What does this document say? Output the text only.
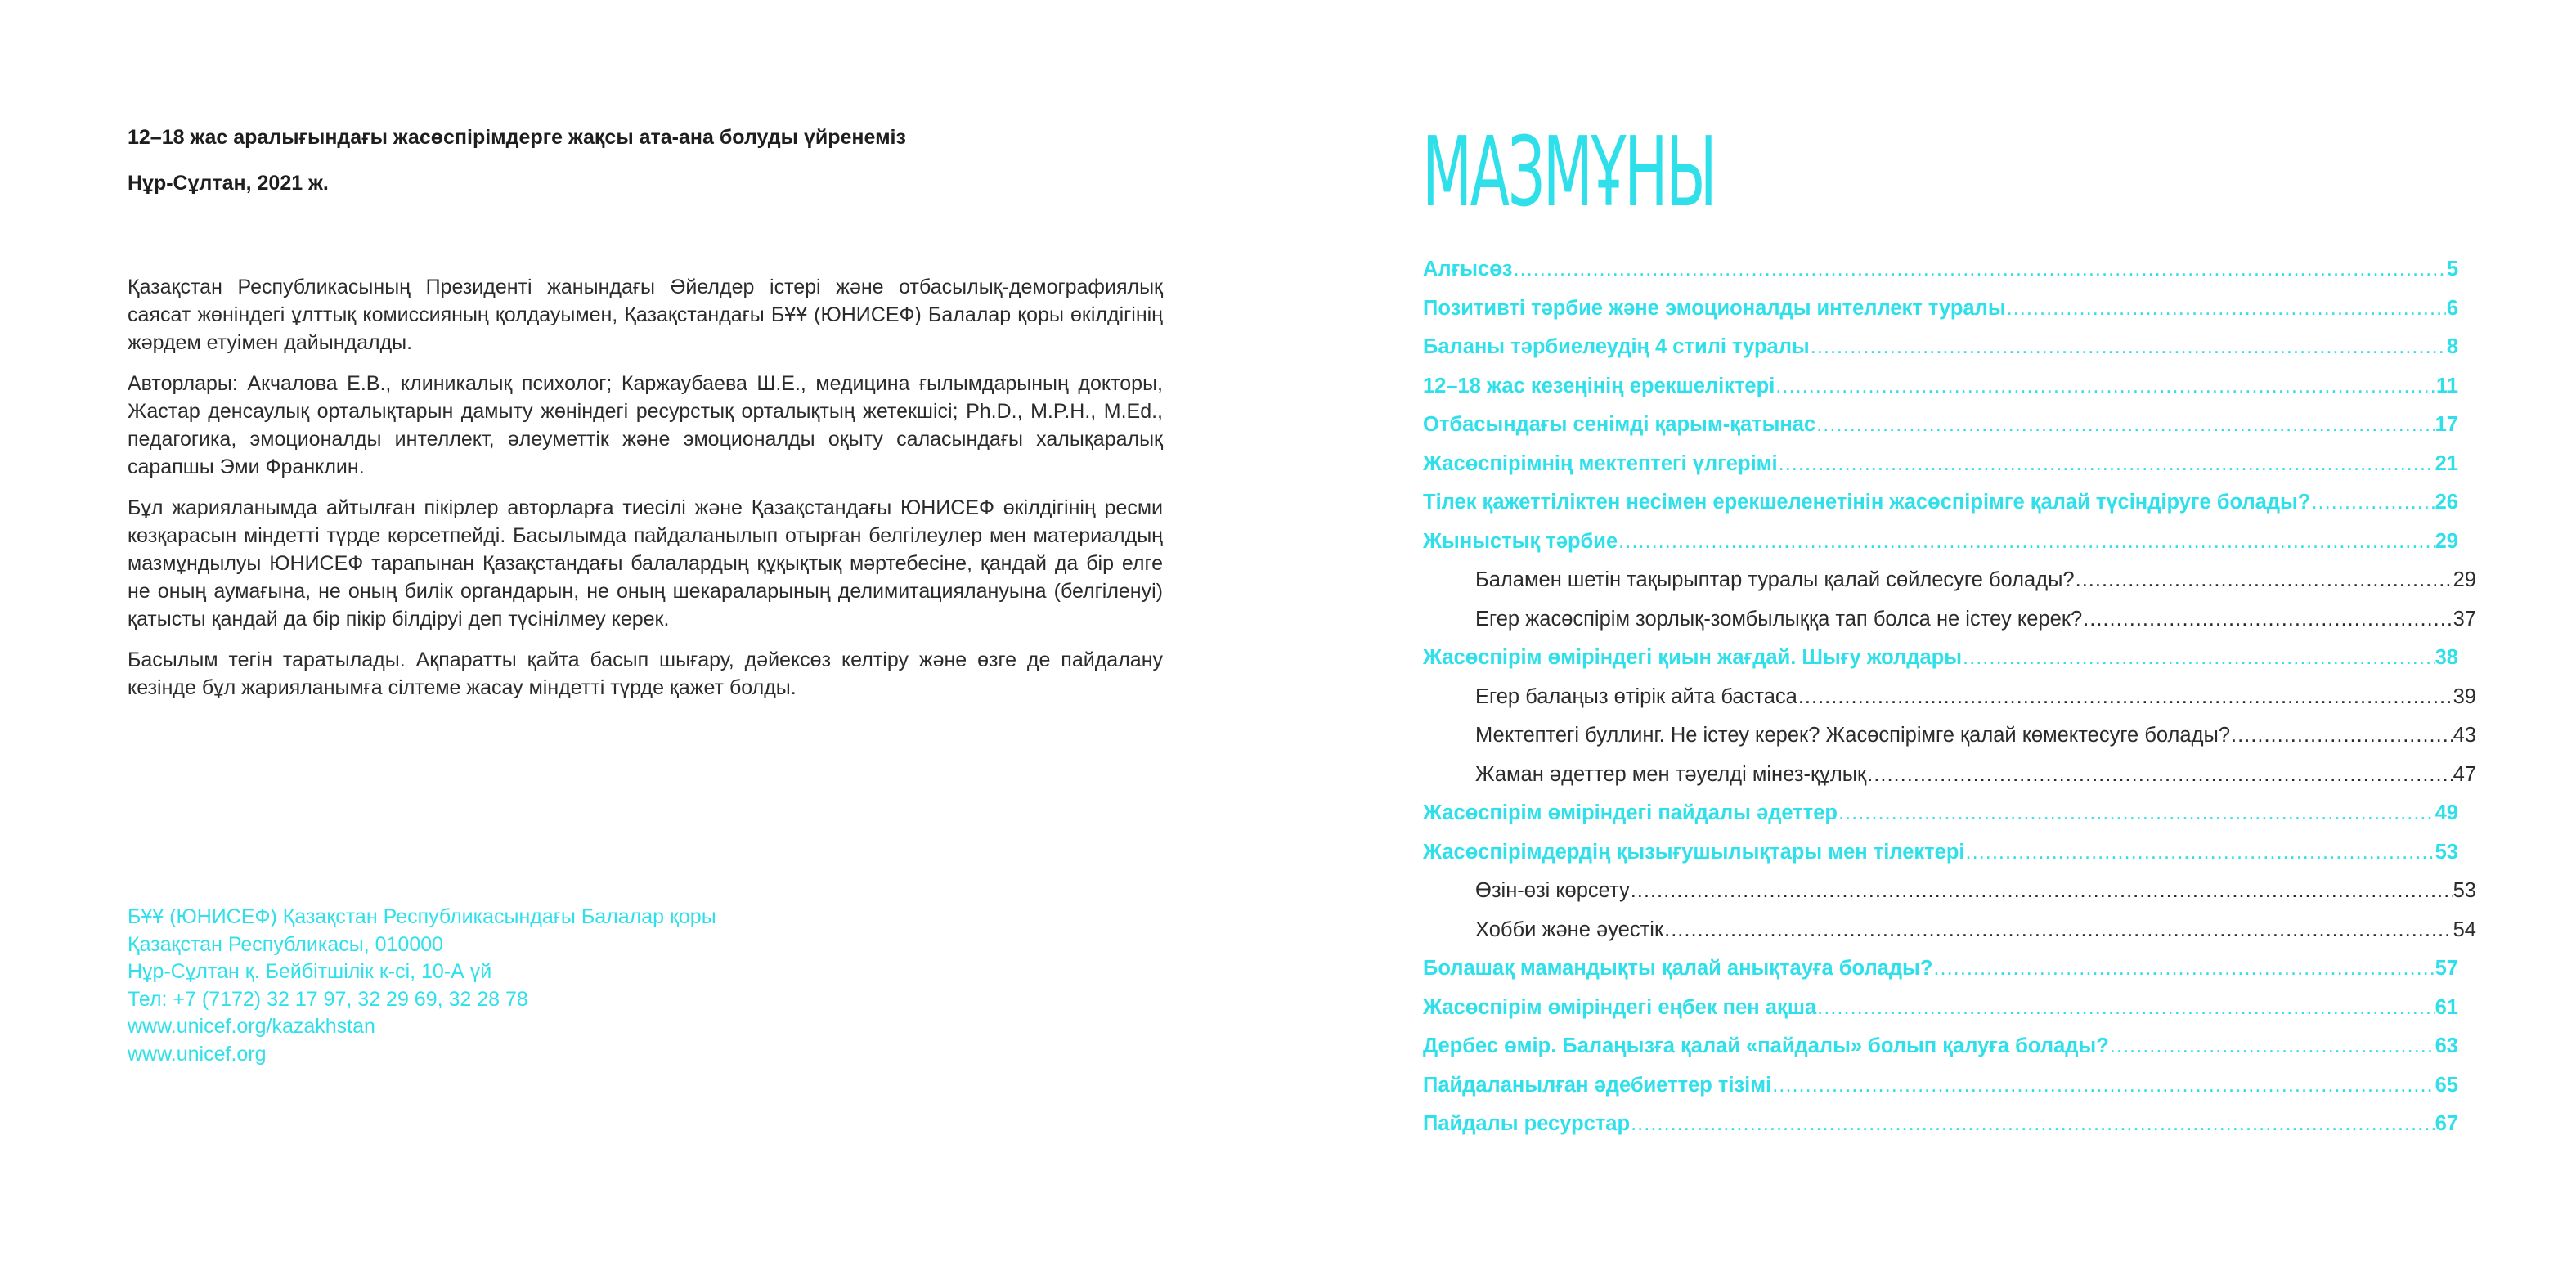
12–18 жас аралығындағы жасөспірімдерге жақсы ата-ана болуды үйренеміз
Нұр-Сұлтан, 2021 ж.

Қазақстан Республикасының Президенті жанындағы Әйелдер істері және отбасылық-демографиялық саясат жөніндегі ұлттық комиссияның қолдауымен, Қазақстандағы БҰҰ (ЮНИСЕФ) Балалар қоры өкілдігінің жәрдем етуімен дайындалды.

Авторлары: Акчалова Е.В., клиникалық психолог; Каржаубаева Ш.Е., медицина ғылымдарының докторы, Жастар денсаулық орталықтарын дамыту жөніндегі ресурстық орталықтың жетекшісі; Ph.D., M.P.H., M.Ed., педагогика, эмоционалды интеллект, әлеуметтік және эмоционалды оқыту саласындағы халықаралық сарапшы Эми Франклин.

Бұл жарияланымда айтылған пікірлер авторларға тиесілі және Қазақстандағы ЮНИСЕФ өкілдігінің ресми көзқарасын міндетті түрде көрсетпейді. Басылымда пайдаланылып отырған белгілеулер мен материалдың мазмұндылуы ЮНИСЕФ тарапынан Қазақстандағы балалардың құқықтық мәртебесіне, қандай да бір елге не оның аумағына, не оның билік органдарын, не оның шекараларының делимитациялануына (белгіленуі) қатысты қандай да бір пікір білдіруі деп түсінілмеу керек.

Басылым тегін таратылады. Ақпаратты қайта басып шығару, дәйексөз келтіру және өзге де пайдалану кезінде бұл жарияланымға сілтеме жасау міндетті түрде қажет болды.

БҰҰ (ЮНИСЕФ) Қазақстан Республикасындағы Балалар қоры
Қазақстан Республикасы, 010000
Нұр-Сұлтан қ. Бейбітшілік к-сі, 10-А үй
Тел: +7 (7172) 32 17 97, 32 29 69, 32 28 78
www.unicef.org/kazakhstan
www.unicef.org
МАЗМҰНЫ
Алғысөз .....	5
Позитивті тәрбие және эмоционалды интеллект туралы .....	6
Баланы тәрбиелеудің 4 стилі туралы .....	8
12–18 жас кезеңінің ерекшеліктері .....	11
Отбасындағы сенімді қарым-қатынас .....	17
Жасөспірімнің мектептегі үлгерімі .....	21
Тілек қажеттіліктен несімен ерекшеленетінін жасөспірімге қалай түсіндіруге болады? .....	26
Жыныстық тәрбие .....	29
Баламен шетін тақырыптар туралы қалай сөйлесуге болады? .....	29
Егер жасөспірім зорлық-зомбылыққа тап болса не істеу керек? .....	37
Жасөспірім өміріндегі қиын жағдай. Шығу жолдары .....	38
Егер балаңыз өтірік айта бастаса .....	39
Мектептегі буллинг. Не істеу керек? Жасөспірімге қалай көмектесуге болады? .....	43
Жаман әдеттер мен тәуелді мінез-құлық .....	47
Жасөспірім өміріндегі пайдалы әдеттер .....	49
Жасөспірімдердің қызығушылықтары мен тілектері .....	53
Өзін-өзі көрсету .....	53
Хобби және әуестік .....	54
Болашақ мамандықты қалай анықтауға болады? .....	57
Жасөспірім өміріндегі еңбек пен ақша .....	61
Дербес өмір. Балаңызға қалай «пайдалы» болып қалуға болады? .....	63
Пайдаланылған әдебиеттер тізімі .....	65
Пайдалы ресурстар .....	67
